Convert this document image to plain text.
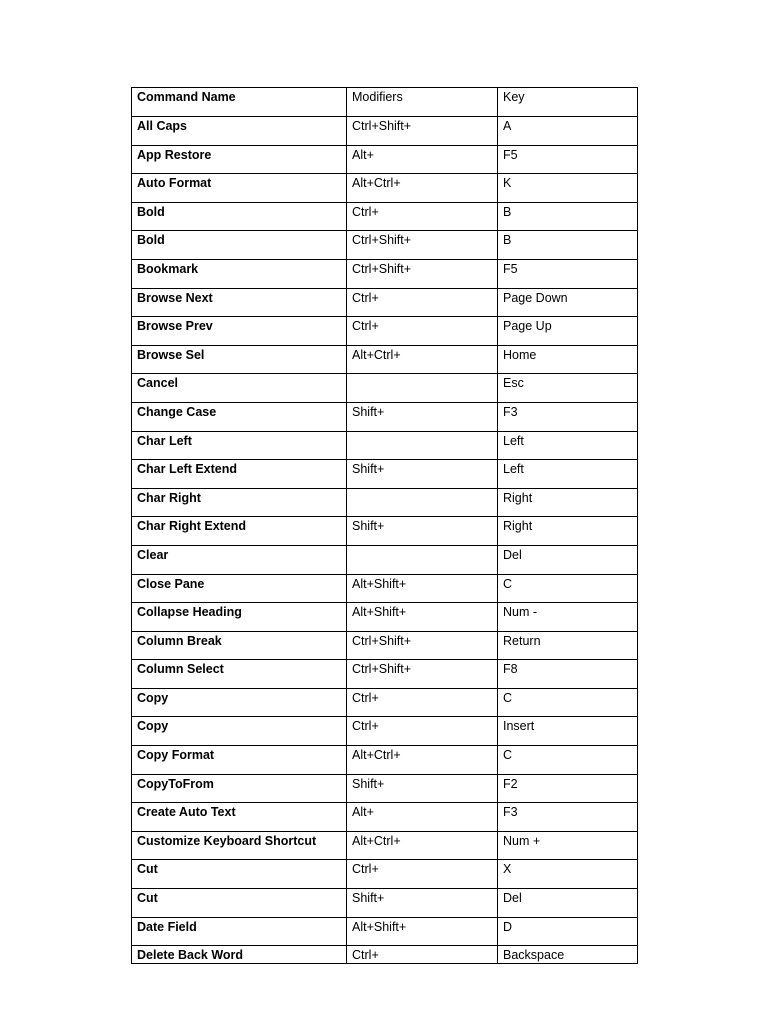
Command Name	Modifiers	Key
All Caps	Ctrl+Shift+	A
App Restore	Alt+	F5
Auto Format	Alt+Ctrl+	K
Bold	Ctrl+	B
Bold	Ctrl+Shift+	B
Bookmark	Ctrl+Shift+	F5
Browse Next	Ctrl+	Page Down
Browse Prev	Ctrl+	Page Up
Browse Sel	Alt+Ctrl+	Home
Cancel		Esc
Change Case	Shift+	F3
Char Left		Left
Char Left Extend	Shift+	Left
Char Right		Right
Char Right Extend	Shift+	Right
Clear		Del
Close Pane	Alt+Shift+	C
Collapse Heading	Alt+Shift+	Num -
Column Break	Ctrl+Shift+	Return
Column Select	Ctrl+Shift+	F8
Copy	Ctrl+	C
Copy	Ctrl+	Insert
Copy Format	Alt+Ctrl+	C
CopyToFrom	Shift+	F2
Create Auto Text	Alt+	F3
Customize Keyboard Shortcut	Alt+Ctrl+	Num +
Cut	Ctrl+	X
Cut	Shift+	Del
Date Field	Alt+Shift+	D
Delete Back Word	Ctrl+	Backspace
